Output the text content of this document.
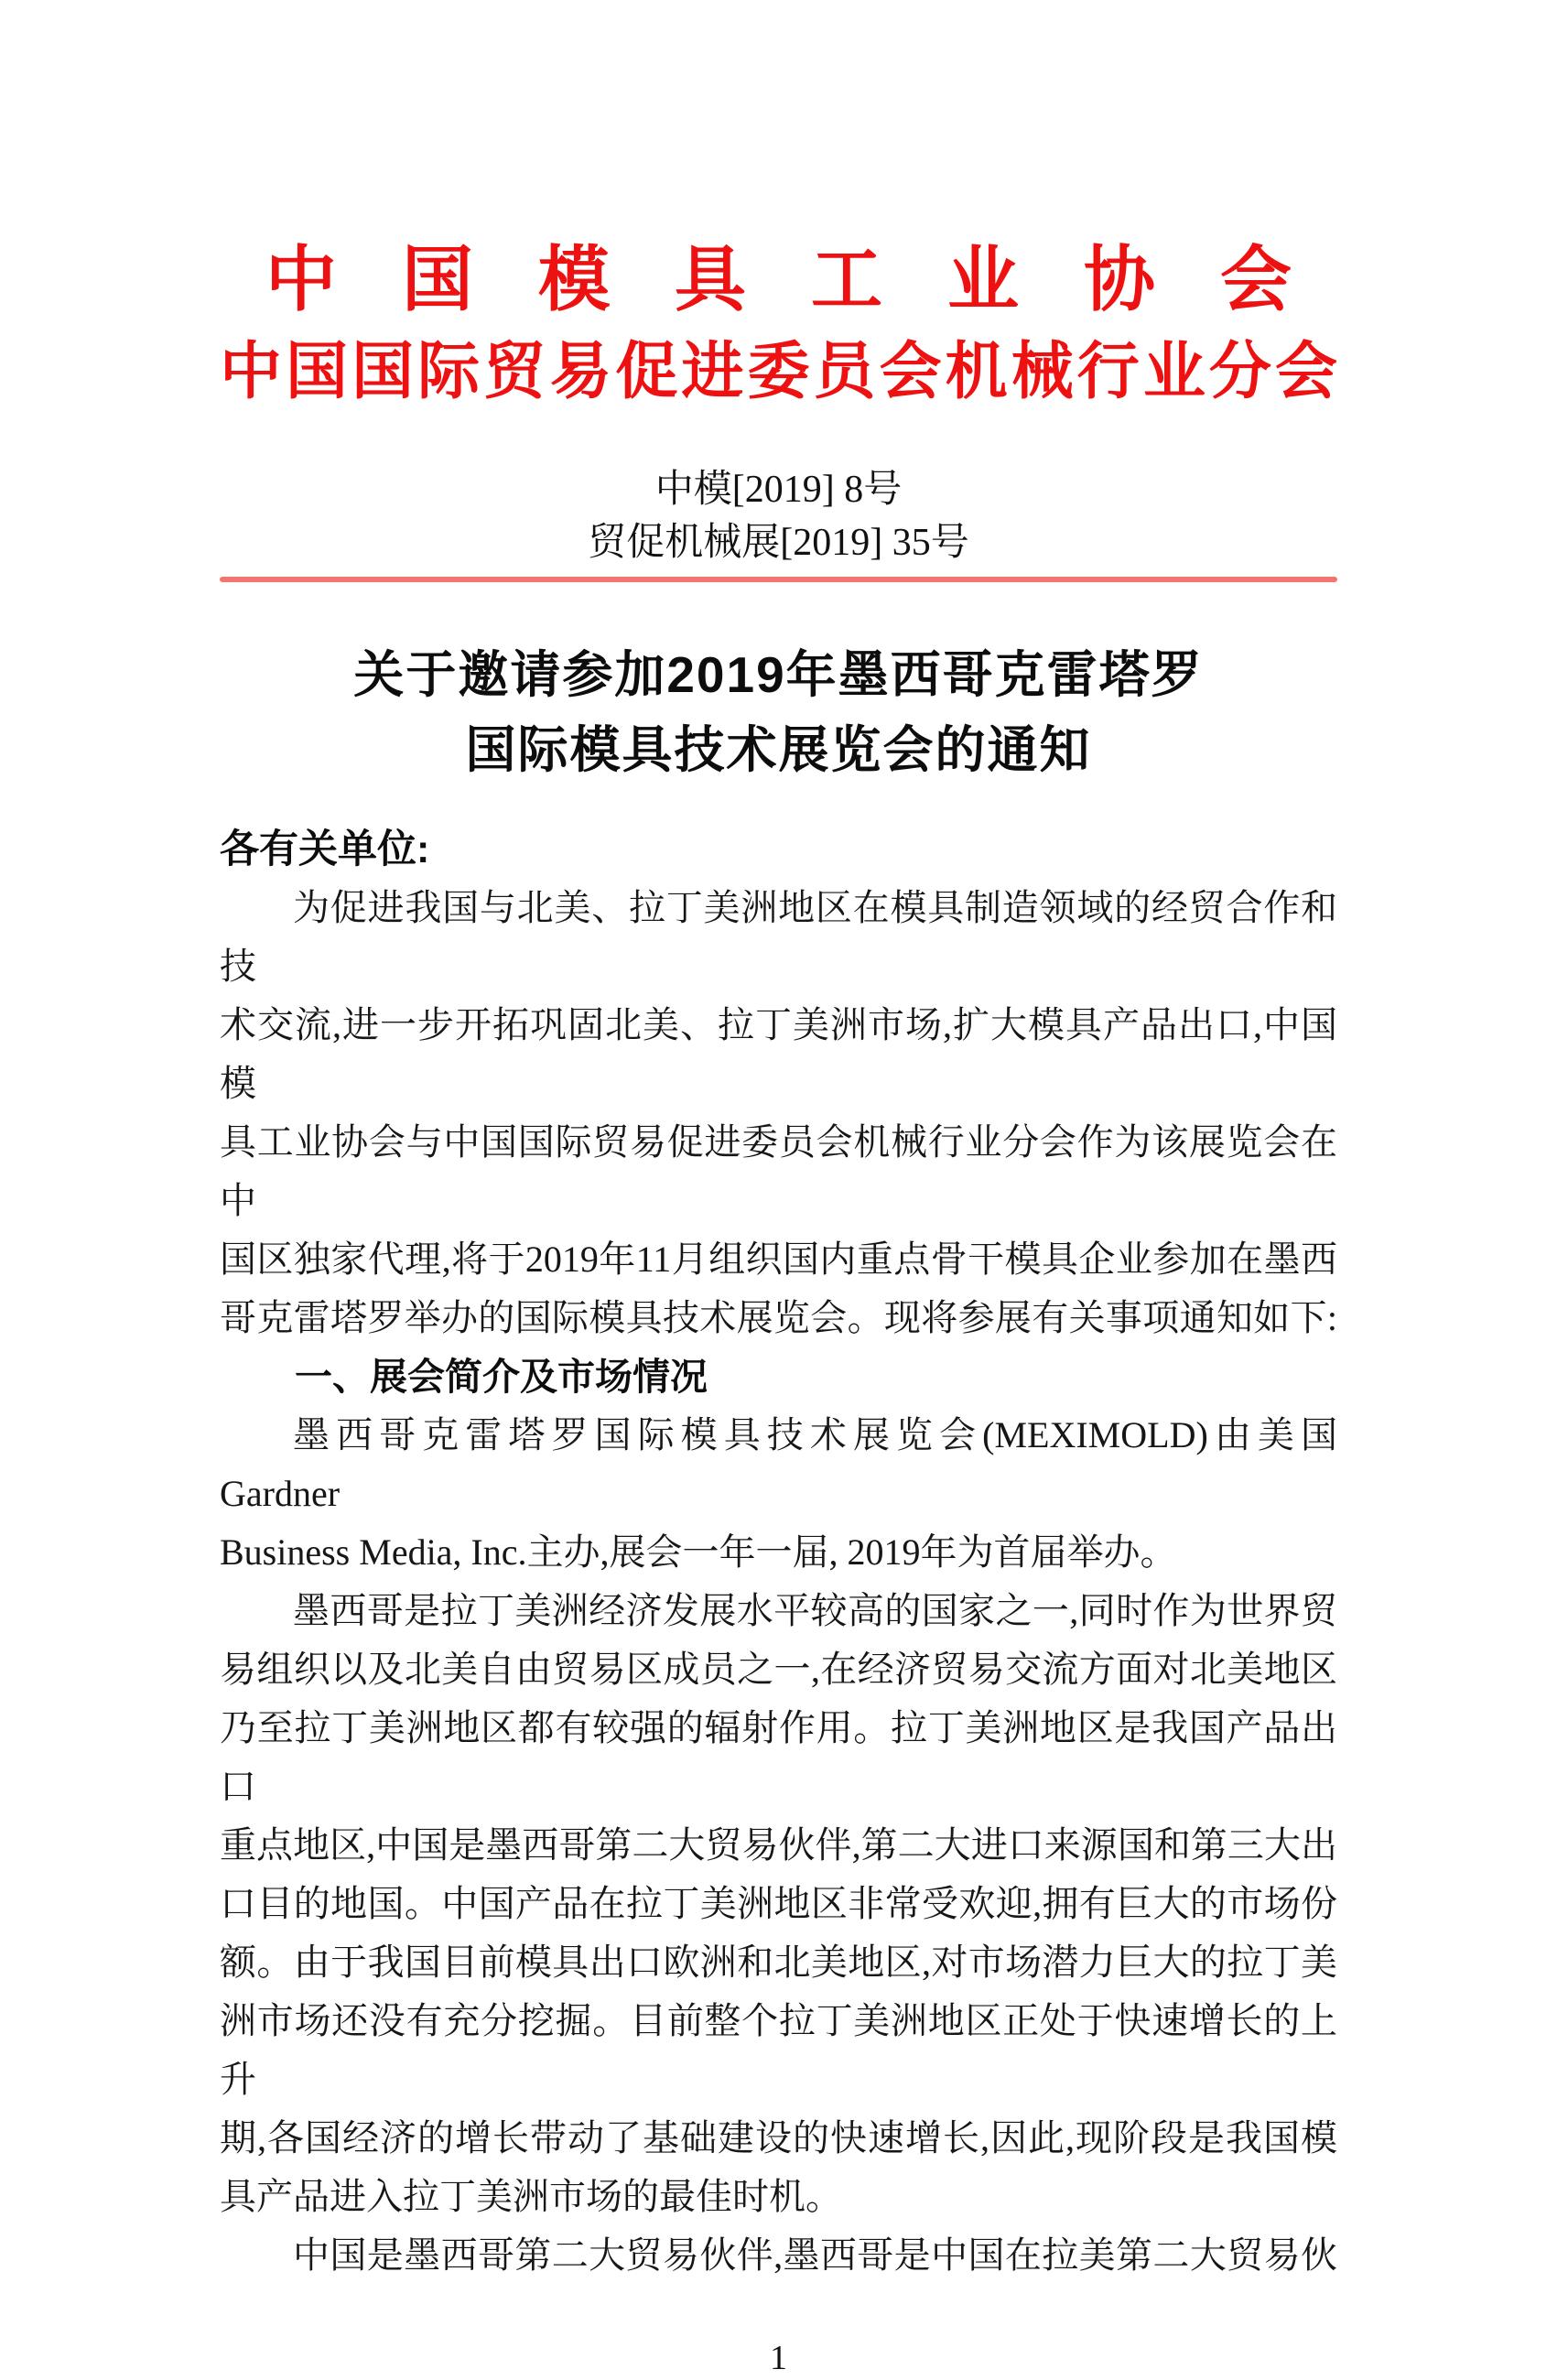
中国模具工业协会
中国国际贸易促进委员会机械行业分会
中模[2019] 8号
贸促机械展[2019] 35号
关于邀请参加2019年墨西哥克雷塔罗
国际模具技术展览会的通知
各有关单位:
为促进我国与北美、拉丁美洲地区在模具制造领域的经贸合作和技
术交流,进一步开拓巩固北美、拉丁美洲市场,扩大模具产品出口,中国模
具工业协会与中国国际贸易促进委员会机械行业分会作为该展览会在中
国区独家代理,将于2019年11月组织国内重点骨干模具企业参加在墨西
哥克雷塔罗举办的国际模具技术展览会。现将参展有关事项通知如下:
一、展会简介及市场情况
墨西哥克雷塔罗国际模具技术展览会(MEXIMOLD)由美国 Gardner
Business Media, Inc.主办,展会一年一届, 2019年为首届举办。
墨西哥是拉丁美洲经济发展水平较高的国家之一,同时作为世界贸
易组织以及北美自由贸易区成员之一,在经济贸易交流方面对北美地区
乃至拉丁美洲地区都有较强的辐射作用。拉丁美洲地区是我国产品出口
重点地区,中国是墨西哥第二大贸易伙伴,第二大进口来源国和第三大出
口目的地国。中国产品在拉丁美洲地区非常受欢迎,拥有巨大的市场份
额。由于我国目前模具出口欧洲和北美地区,对市场潜力巨大的拉丁美
洲市场还没有充分挖掘。目前整个拉丁美洲地区正处于快速增长的上升
期,各国经济的增长带动了基础建设的快速增长,因此,现阶段是我国模
具产品进入拉丁美洲市场的最佳时机。
中国是墨西哥第二大贸易伙伴,墨西哥是中国在拉美第二大贸易伙
1
